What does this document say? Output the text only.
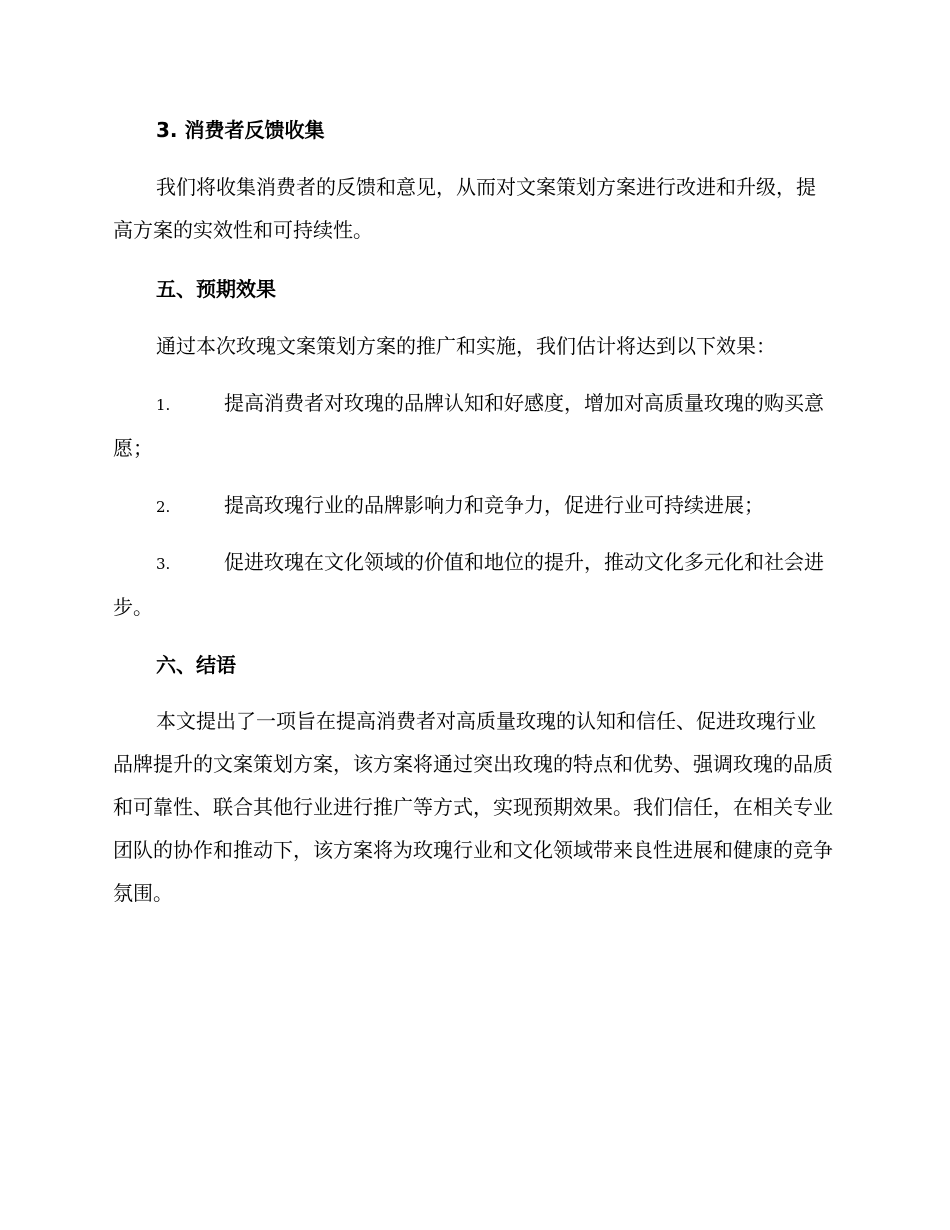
3. 消费者反馈收集

我们将收集消费者的反馈和意见，从而对文案策划方案进行改进和升级，提高方案的实效性和可持续性。

五、预期效果

通过本次玫瑰文案策划方案的推广和实施，我们估计将达到以下效果：

1.	提高消费者对玫瑰的品牌认知和好感度，增加对高质量玫瑰的购买意愿；

2.	提高玫瑰行业的品牌影响力和竞争力，促进行业可持续进展；

3.	促进玫瑰在文化领域的价值和地位的提升，推动文化多元化和社会进步。

六、结语

本文提出了一项旨在提高消费者对高质量玫瑰的认知和信任、促进玫瑰行业品牌提升的文案策划方案，该方案将通过突出玫瑰的特点和优势、强调玫瑰的品质和可靠性、联合其他行业进行推广等方式，实现预期效果。我们信任，在相关专业团队的协作和推动下，该方案将为玫瑰行业和文化领域带来良性进展和健康的竞争氛围。
